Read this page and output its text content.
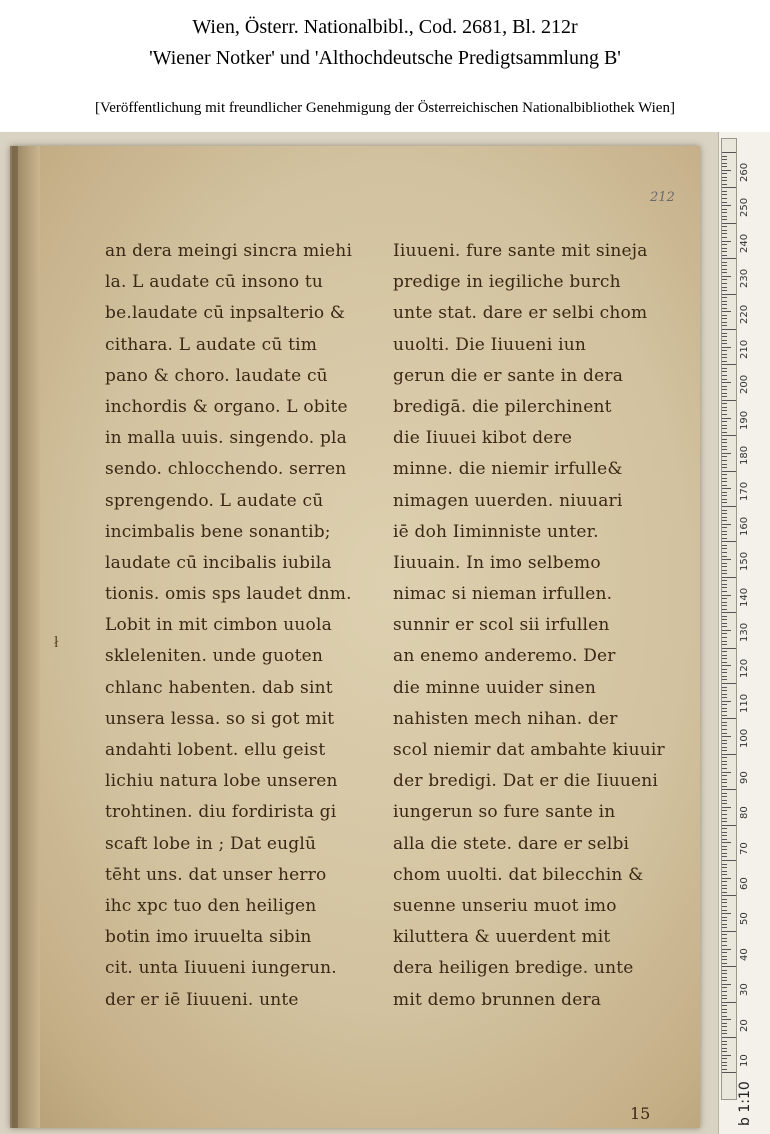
Wien, Österr. Nationalbibl., Cod. 2681, Bl. 212r
'Wiener Notker' und 'Althochdeutsche Predigtsammlung B'
[Veröffentlichung mit freundlicher Genehmigung der Österreichischen Nationalbibliothek Wien]
212
ł
an dera meingi sincra miehi
la. L audate cū insono tu
be.laudate cū inpsalterio &
cithara. L audate cū tim
pano & choro. laudate cū
inchordis & organo. L obite
in malla uuis. singendo. pla
sendo. chlocchendo. serren
sprengendo. L audate cū
incimbalis bene sonantib;
laudate cū incibalis iubila
tionis. omis sps laudet dnm.
Lobit in mit cimbon uuola
skleleniten. unde guoten
chlanc habenten. dab sint
unsera lessa. so si got mit
andahti lobent. ellu geist
lichiu natura lobe unseren
trohtinen. diu fordirista gi
scaft lobe in ; Dat euglū
tēht uns. dat unser herro
ihc xpc tuo den heiligen
botin imo iruuelta sibin
cit. unta Iiuueni iungerun.
der er iē Iiuueni. unte
Iiuueni. fure sante mit sineja
predige in iegiliche burch
unte stat. dare er selbi chom
uuolti. Die Iiuueni iun
gerun die er sante in dera
bredigā. die pilerchinent
die Iiuuei kibot dere
minne. die niemir irfulle&
nimagen uuerden. niuuari
iē doh Iiminniste unter.
Iiuuain. In imo selbemo
nimac si nieman irfullen.
sunnir er scol sii irfullen
an enemo anderemo. Der
die minne uuider sinen
nahisten mech nihan. der
scol niemir dat ambahte kiuuir
der bredigi. Dat er die Iiuueni
iungerun so fure sante in
alla die stete. dare er selbi
chom uuolti. dat bilecchin &
suenne unseriu muot imo
kiluttera & uuerdent mit
dera heiligen bredige. unte
mit demo brunnen dera
15	b 1:10
260
250
240
230
220
210
200
190
180
170
160
150
140
130
120
110
100
90
80
70
60
50
40
30
20
10
